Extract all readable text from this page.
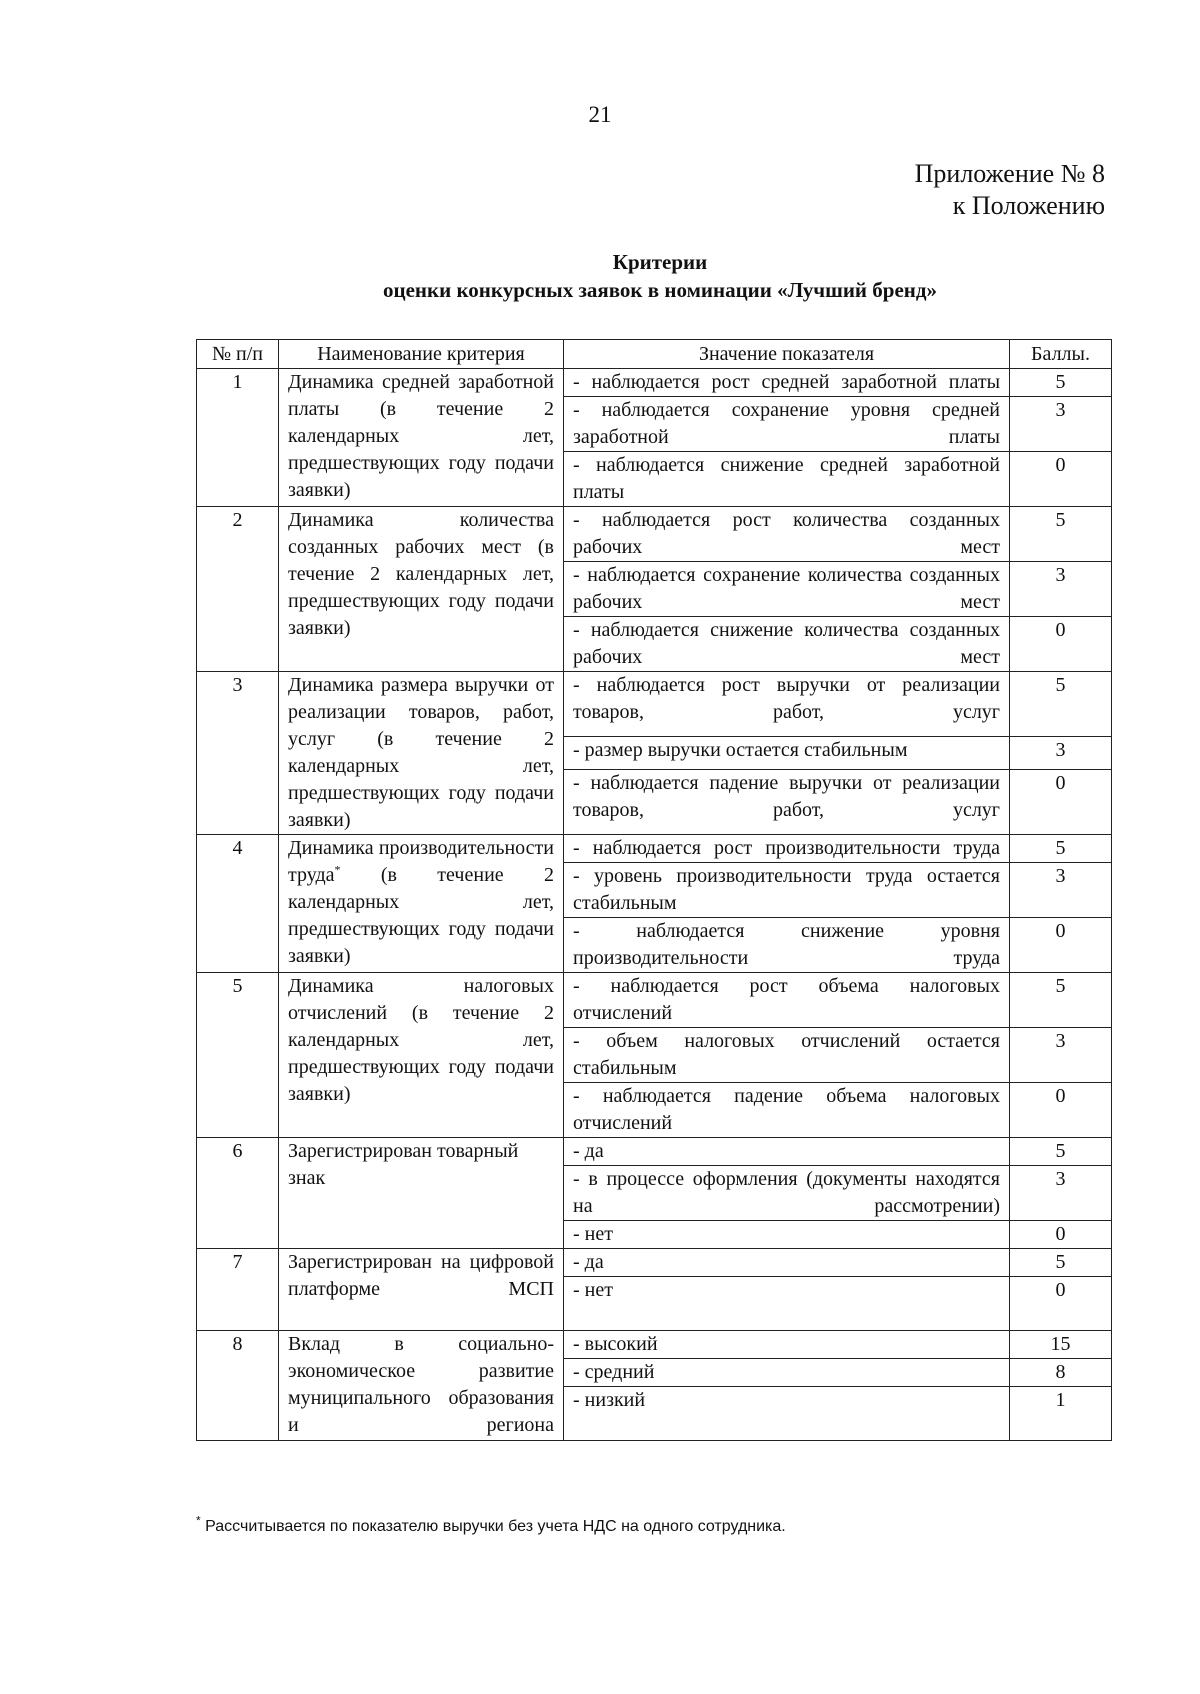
21
Приложение № 8
к Положению
Критерии
оценки конкурсных заявок в номинации «Лучший бренд»
№ п/п	Наименование критерия	Значение показателя	Баллы.
1	Динамика средней заработной платы (в течение 2 календарных лет, предшествующих году подачи заявки)	- наблюдается рост средней заработной платы	5
		- наблюдается сохранение уровня средней заработной платы	3
		- наблюдается снижение средней заработной платы	0
2	Динамика количества созданных рабочих мест (в течение 2 календарных лет, предшествующих году подачи заявки)	- наблюдается рост количества созданных рабочих мест	5
		- наблюдается сохранение количества созданных рабочих мест	3
		- наблюдается снижение количества созданных рабочих мест	0
3	Динамика размера выручки от реализации товаров, работ, услуг (в течение 2 календарных лет, предшествующих году подачи заявки)	- наблюдается рост выручки от реализации товаров, работ, услуг	5
		- размер выручки остается стабильным	3
		- наблюдается падение выручки от реализации товаров, работ, услуг	0
4	Динамика производительности труда* (в течение 2 календарных лет, предшествующих году подачи заявки)	- наблюдается рост производительности труда	5
		- уровень производительности труда остается стабильным	3
		- наблюдается снижение уровня производительности труда	0
5	Динамика налоговых отчислений (в течение 2 календарных лет, предшествующих году подачи заявки)	- наблюдается рост объема налоговых отчислений	5
		- объем налоговых отчислений остается стабильным	3
		- наблюдается падение объема налоговых отчислений	0
6	Зарегистрирован товарный знак	- да	5
		- в процессе оформления (документы находятся на рассмотрении)	3
		- нет	0
7	Зарегистрирован на цифровой платформе МСП	- да	5
		- нет	0
8	Вклад в социально-экономическое развитие муниципального образования и региона	- высокий	15
		- средний	8
		- низкий	1
* Рассчитывается по показателю выручки без учета НДС на одного сотрудника.
